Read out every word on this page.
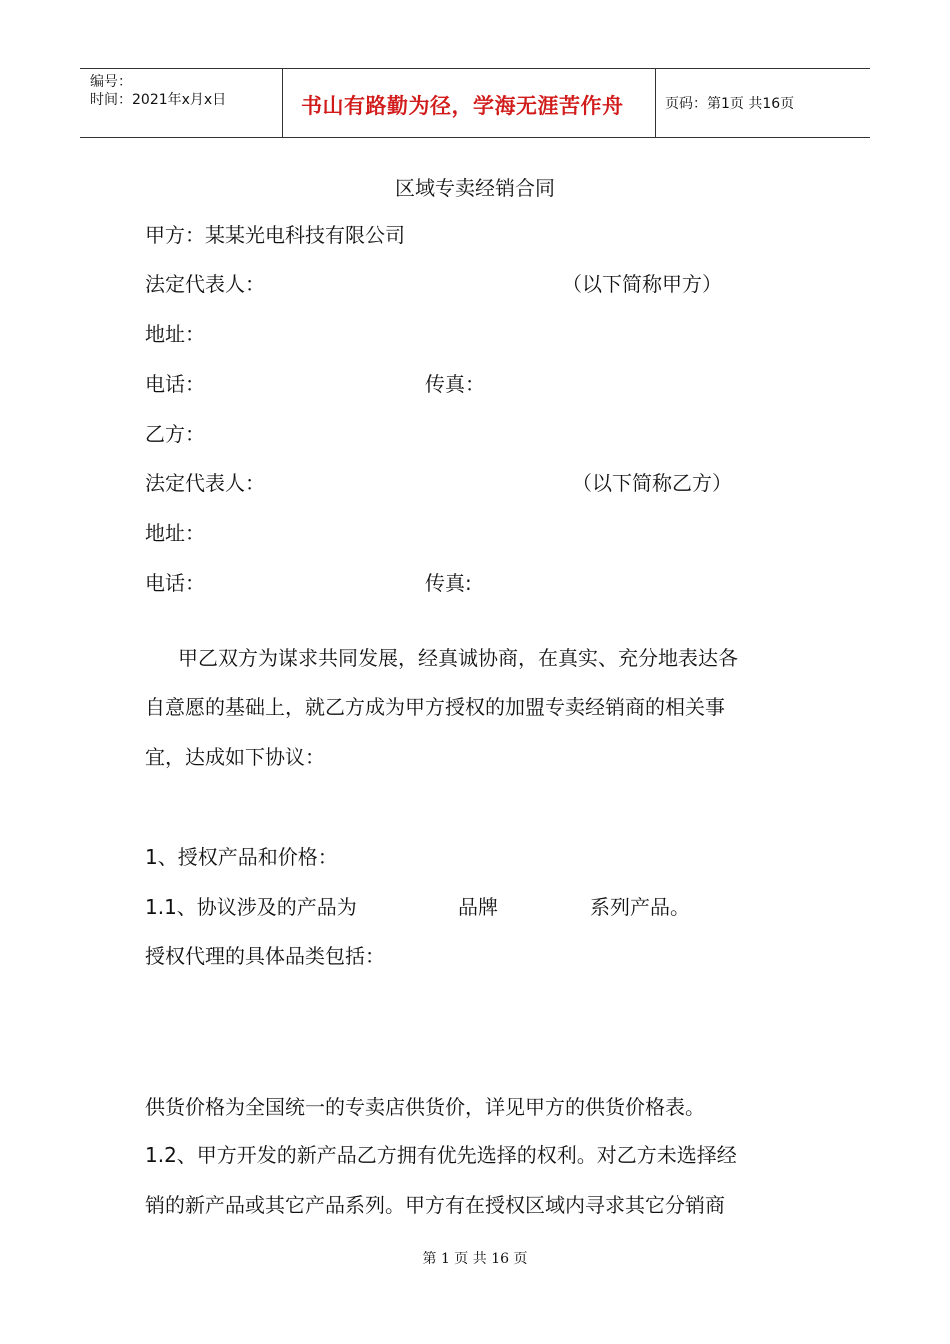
编号：
时间：2021年x月x日	书山有路勤为径，学海无涯苦作舟	页码：第1页 共16页
区域专卖经销合同
甲方：某某光电科技有限公司
法定代表人：	（以下简称甲方）
地址：
电话：	传真：
乙方：
法定代表人：	（以下简称乙方）
地址：
电话：	传真:
甲乙双方为谋求共同发展，经真诚协商，在真实、充分地表达各
自意愿的基础上，就乙方成为甲方授权的加盟专卖经销商的相关事
宜，达成如下协议：
1、授权产品和价格：
1.1、协议涉及的产品为	品牌	系列产品。
授权代理的具体品类包括：
供货价格为全国统一的专卖店供货价，详见甲方的供货价格表。
1.2、甲方开发的新产品乙方拥有优先选择的权利。对乙方未选择经
销的新产品或其它产品系列。甲方有在授权区域内寻求其它分销商
第 1 页 共 16 页
